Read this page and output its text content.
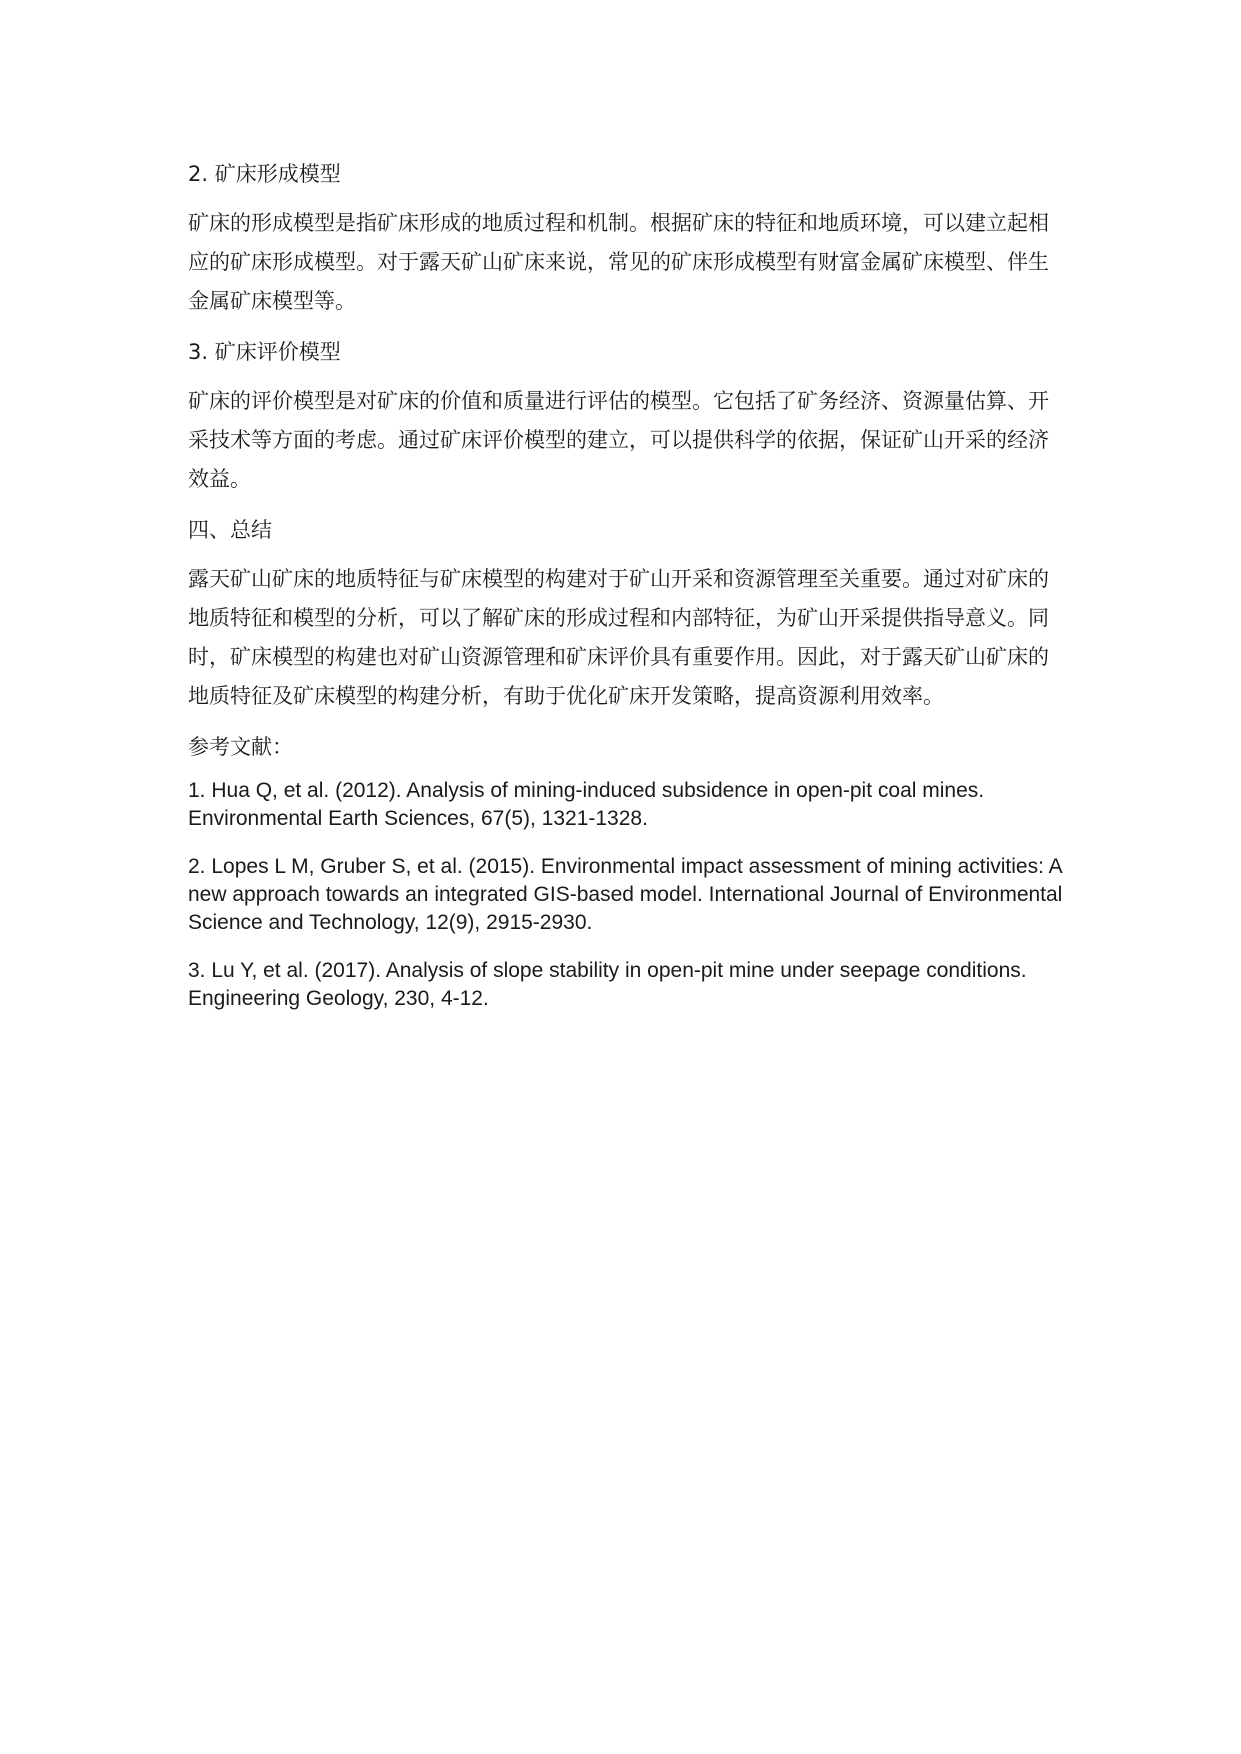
2. 矿床形成模型
矿床的形成模型是指矿床形成的地质过程和机制。根据矿床的特征和地质环境，可以建立起相应的矿床形成模型。对于露天矿山矿床来说，常见的矿床形成模型有财富金属矿床模型、伴生金属矿床模型等。
3. 矿床评价模型
矿床的评价模型是对矿床的价值和质量进行评估的模型。它包括了矿务经济、资源量估算、开采技术等方面的考虑。通过矿床评价模型的建立，可以提供科学的依据，保证矿山开采的经济效益。
四、总结
露天矿山矿床的地质特征与矿床模型的构建对于矿山开采和资源管理至关重要。通过对矿床的地质特征和模型的分析，可以了解矿床的形成过程和内部特征，为矿山开采提供指导意义。同时，矿床模型的构建也对矿山资源管理和矿床评价具有重要作用。因此，对于露天矿山矿床的地质特征及矿床模型的构建分析，有助于优化矿床开发策略，提高资源利用效率。
参考文献：
1. Hua Q, et al. (2012). Analysis of mining-induced subsidence in open-pit coal mines. Environmental Earth Sciences, 67(5), 1321-1328.
2. Lopes L M, Gruber S, et al. (2015). Environmental impact assessment of mining activities: A new approach towards an integrated GIS-based model. International Journal of Environmental Science and Technology, 12(9), 2915-2930.
3. Lu Y, et al. (2017). Analysis of slope stability in open-pit mine under seepage conditions. Engineering Geology, 230, 4-12.
